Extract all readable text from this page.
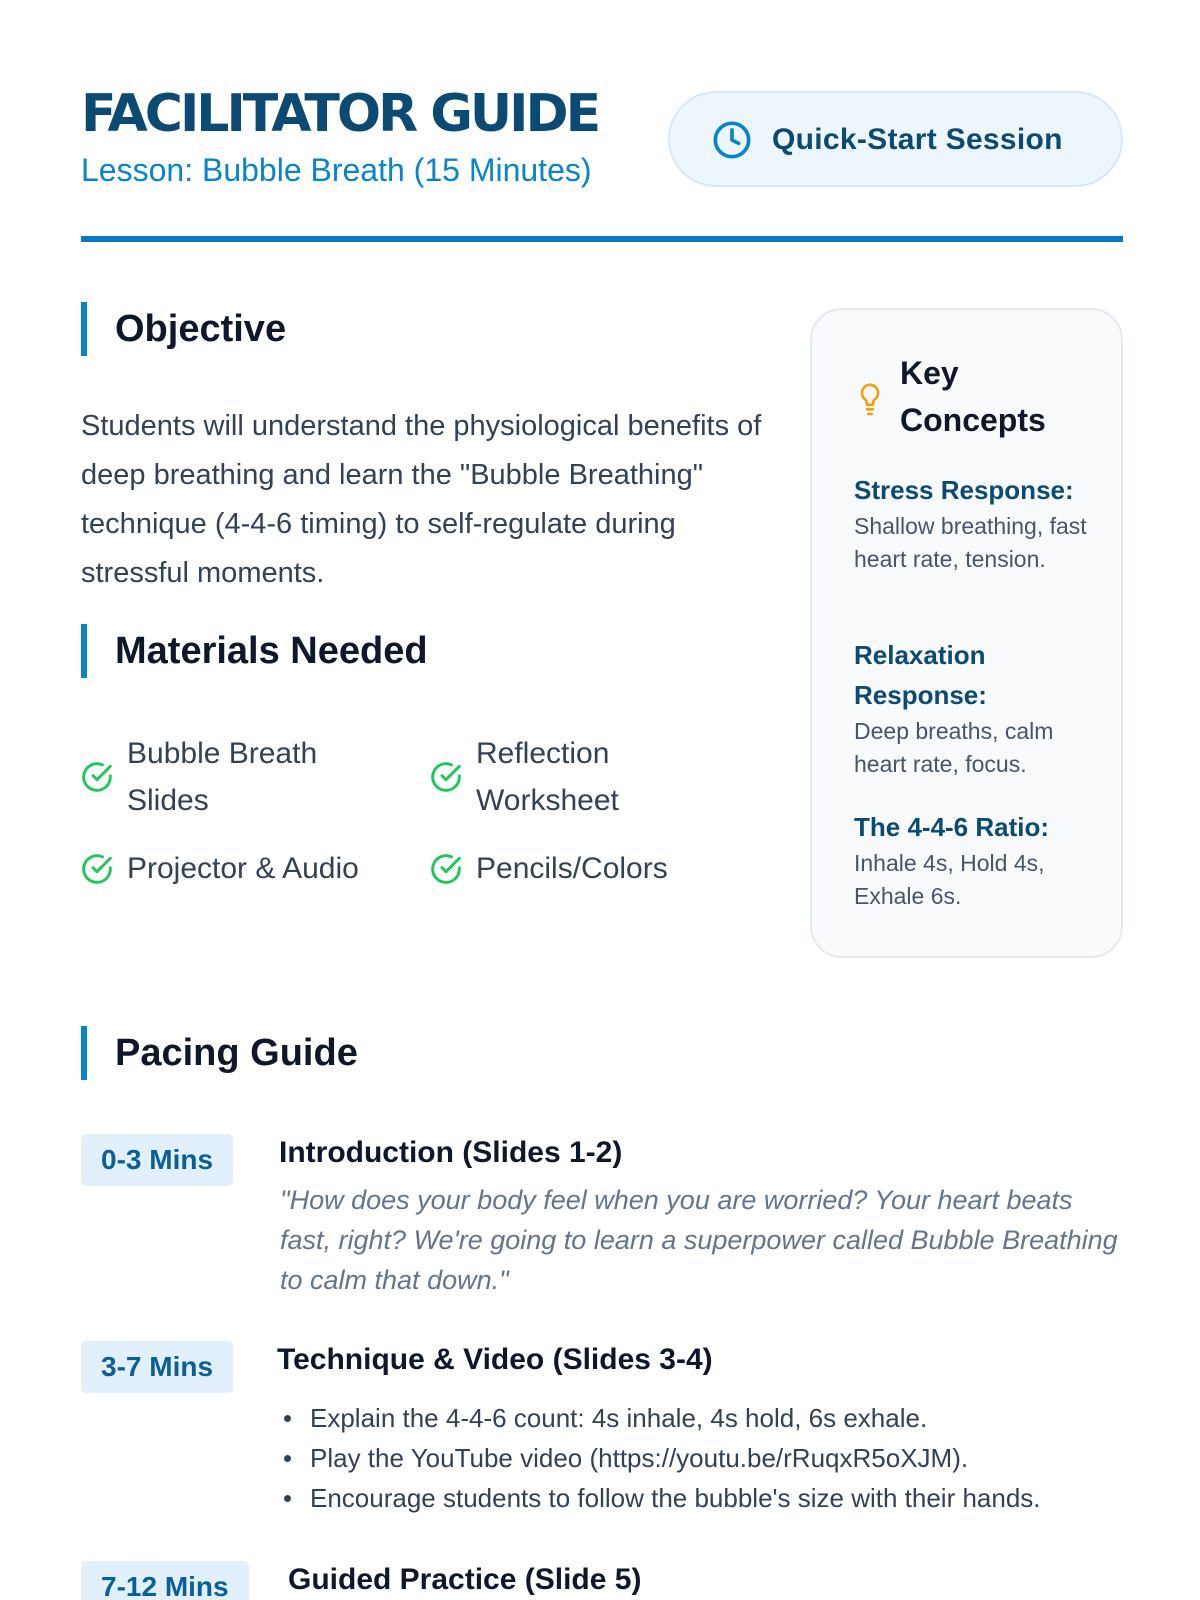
FACILITATOR GUIDE
Lesson: Bubble Breath (15 Minutes)
Quick-Start Session
Objective

Students will understand the physiological benefits of deep breathing and learn the "Bubble Breathing" technique (4-4-6 timing) to self-regulate during stressful moments.

Materials Needed
Bubble Breath Slides
Reflection Worksheet
Projector & Audio	Pencils/Colors
Key Concepts
Stress Response:
Shallow breathing, fast heart rate, tension.
Relaxation Response:
Deep breaths, calm heart rate, focus.
The 4-4-6 Ratio:
Inhale 4s, Hold 4s, Exhale 6s.
Pacing Guide
0-3 Mins	Introduction (Slides 1-2)

"How does your body feel when you are worried? Your heart beats fast, right? We're going to learn a superpower called Bubble Breathing to calm that down."

3-7 Mins	Technique & Video (Slides 3-4)
Explain the 4-4-6 count: 4s inhale, 4s hold, 6s exhale.
Play the YouTube video (https://youtu.be/rRuqxR5oXJM).
Encourage students to follow the bubble's size with their hands.
7-12 Mins	Guided Practice (Slide 5)
